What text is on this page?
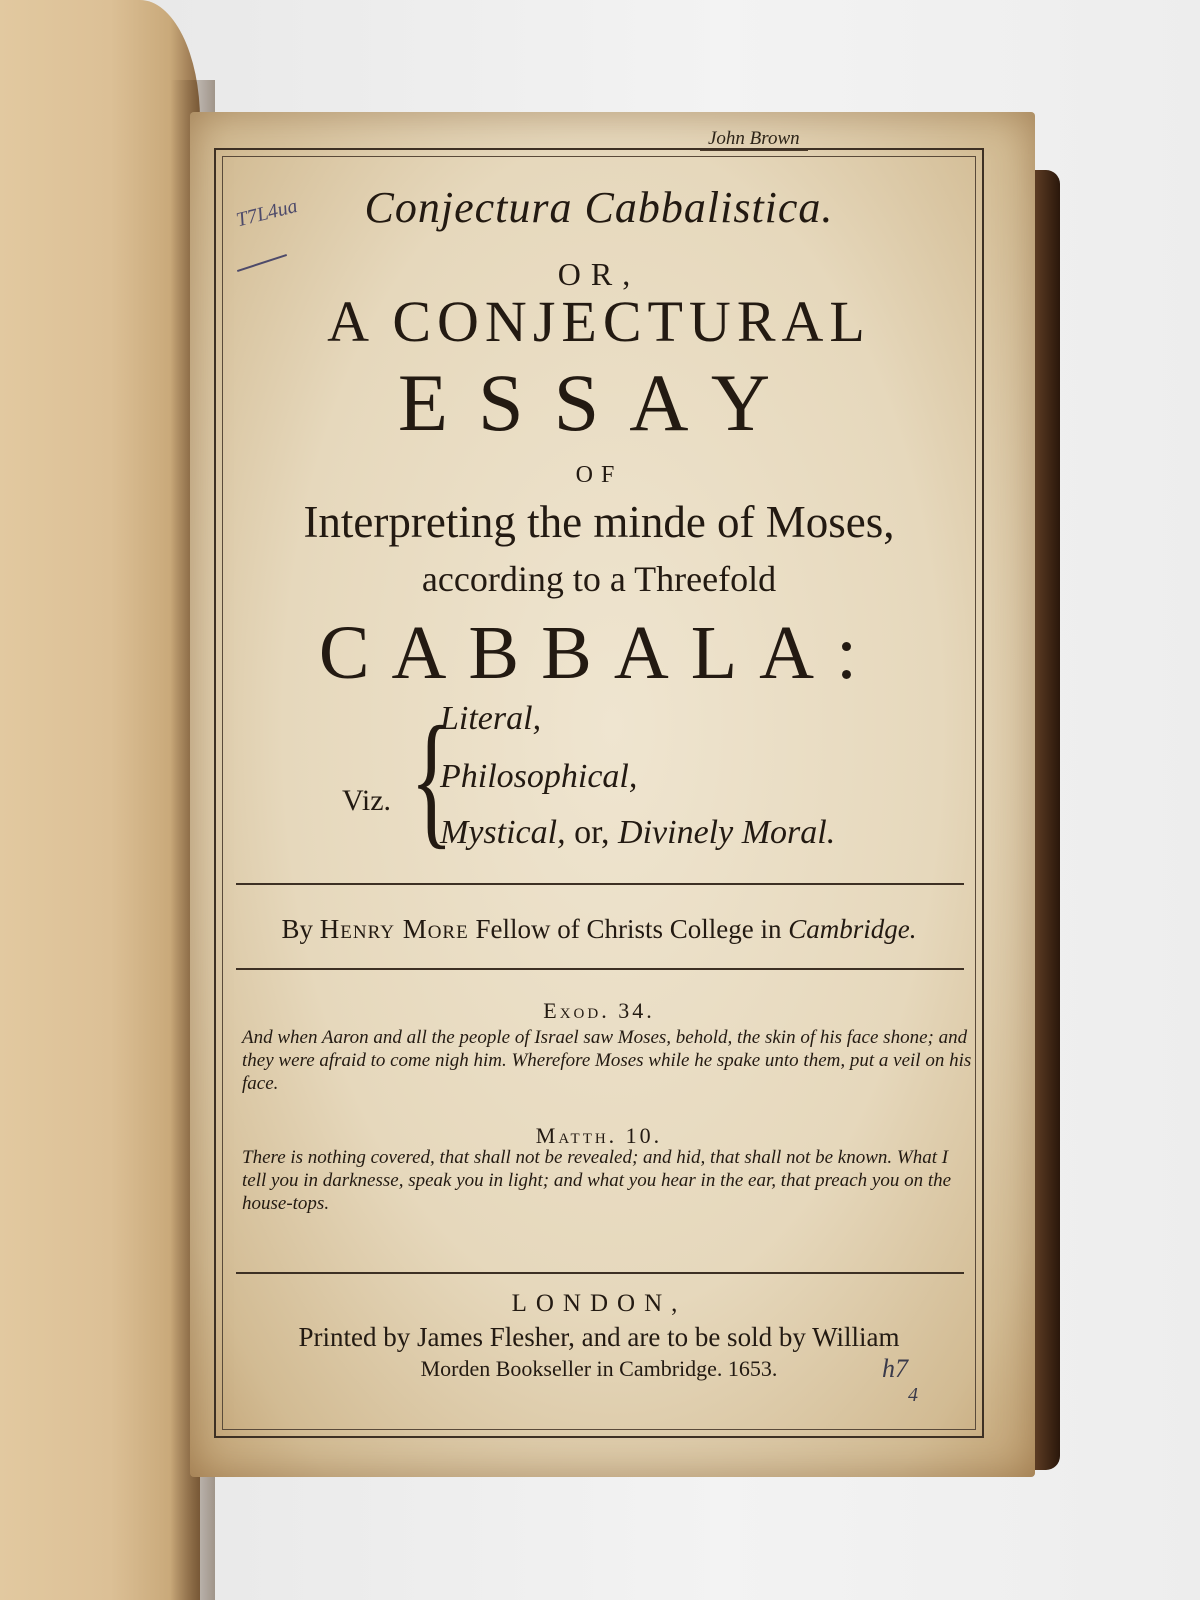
John Brown
T7L4ua	Conjectura Cabbalistica.
OR,
A CONJECTURAL
ESSAY
OF
Interpreting the minde of Moses,
according to a Threefold
CABBALA:
Viz. {
Literal,
Philosophical,
Mystical, or, Divinely Moral.
By Henry More Fellow of Christs College in Cambridge.
Exod. 34.
And when Aaron and all the people of Israel saw Moses, behold, the skin of his face shone; and they were afraid to come nigh him. Wherefore Moses while he spake unto them, put a veil on his face.
Matth. 10.
There is nothing covered, that shall not be revealed; and hid, that shall not be known. What I tell you in darknesse, speak you in light; and what you hear in the ear, that preach you on the house-tops.
LONDON,
Printed by James Flesher, and are to be sold by William
Morden Bookseller in Cambridge. 1653.	h7
4
